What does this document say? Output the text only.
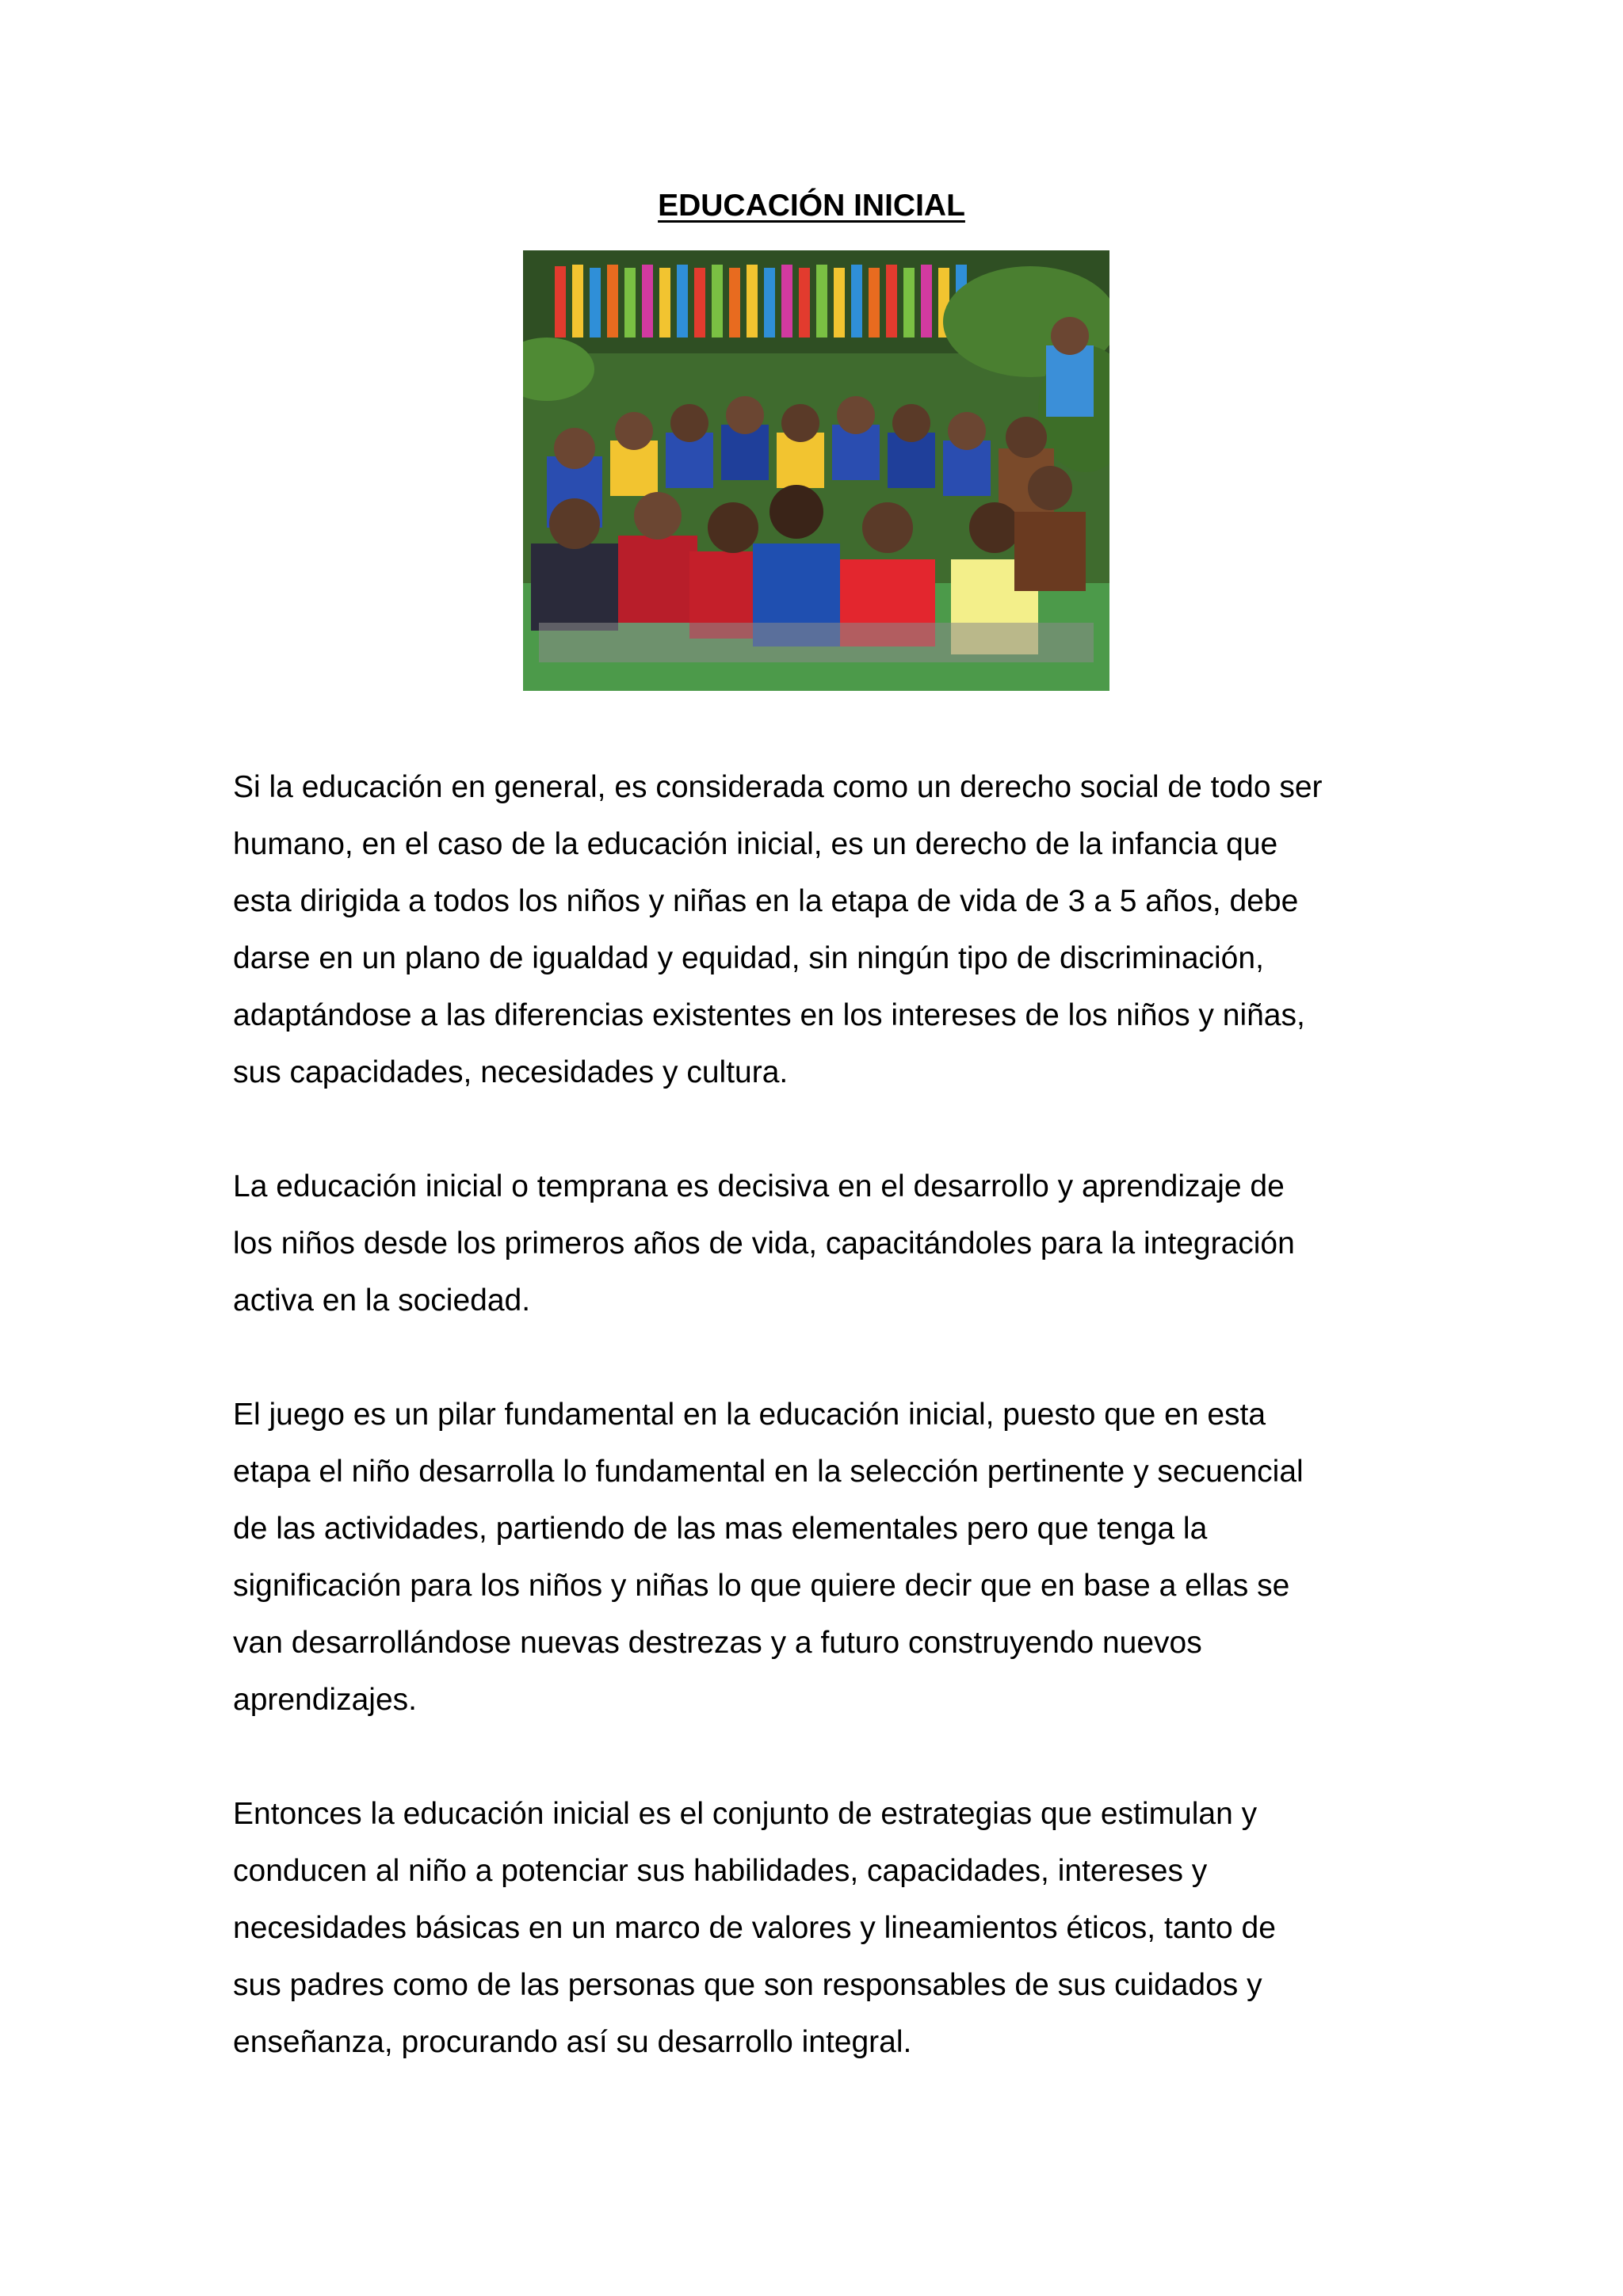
EDUCACIÓN INICIAL

Si la educación en general, es considerada como un derecho social de todo ser
humano, en el caso de la educación inicial, es un derecho de la infancia que
esta dirigida a todos los niños y niñas en la etapa de vida de 3 a 5 años, debe
darse en un plano de igualdad y equidad, sin ningún tipo de discriminación,
adaptándose a las diferencias existentes en los intereses de los niños y niñas,
sus capacidades, necesidades y cultura.

La educación inicial o temprana es decisiva en el desarrollo y aprendizaje de
los niños desde los primeros años de vida, capacitándoles para la integración
activa en la sociedad.

El juego es un pilar fundamental en la educación inicial, puesto que en esta
etapa el niño desarrolla lo fundamental en la selección pertinente y secuencial
de las actividades, partiendo de las mas elementales pero que tenga la
significación para los niños y niñas lo que quiere decir que en base a ellas se
van desarrollándose nuevas destrezas y a futuro construyendo nuevos
aprendizajes.

Entonces la educación inicial es el conjunto de estrategias que estimulan y
conducen al niño a potenciar sus habilidades, capacidades, intereses y
necesidades básicas en un marco de valores y lineamientos éticos, tanto de
sus padres como de las personas que son responsables de sus cuidados y
enseñanza, procurando así su desarrollo integral.
